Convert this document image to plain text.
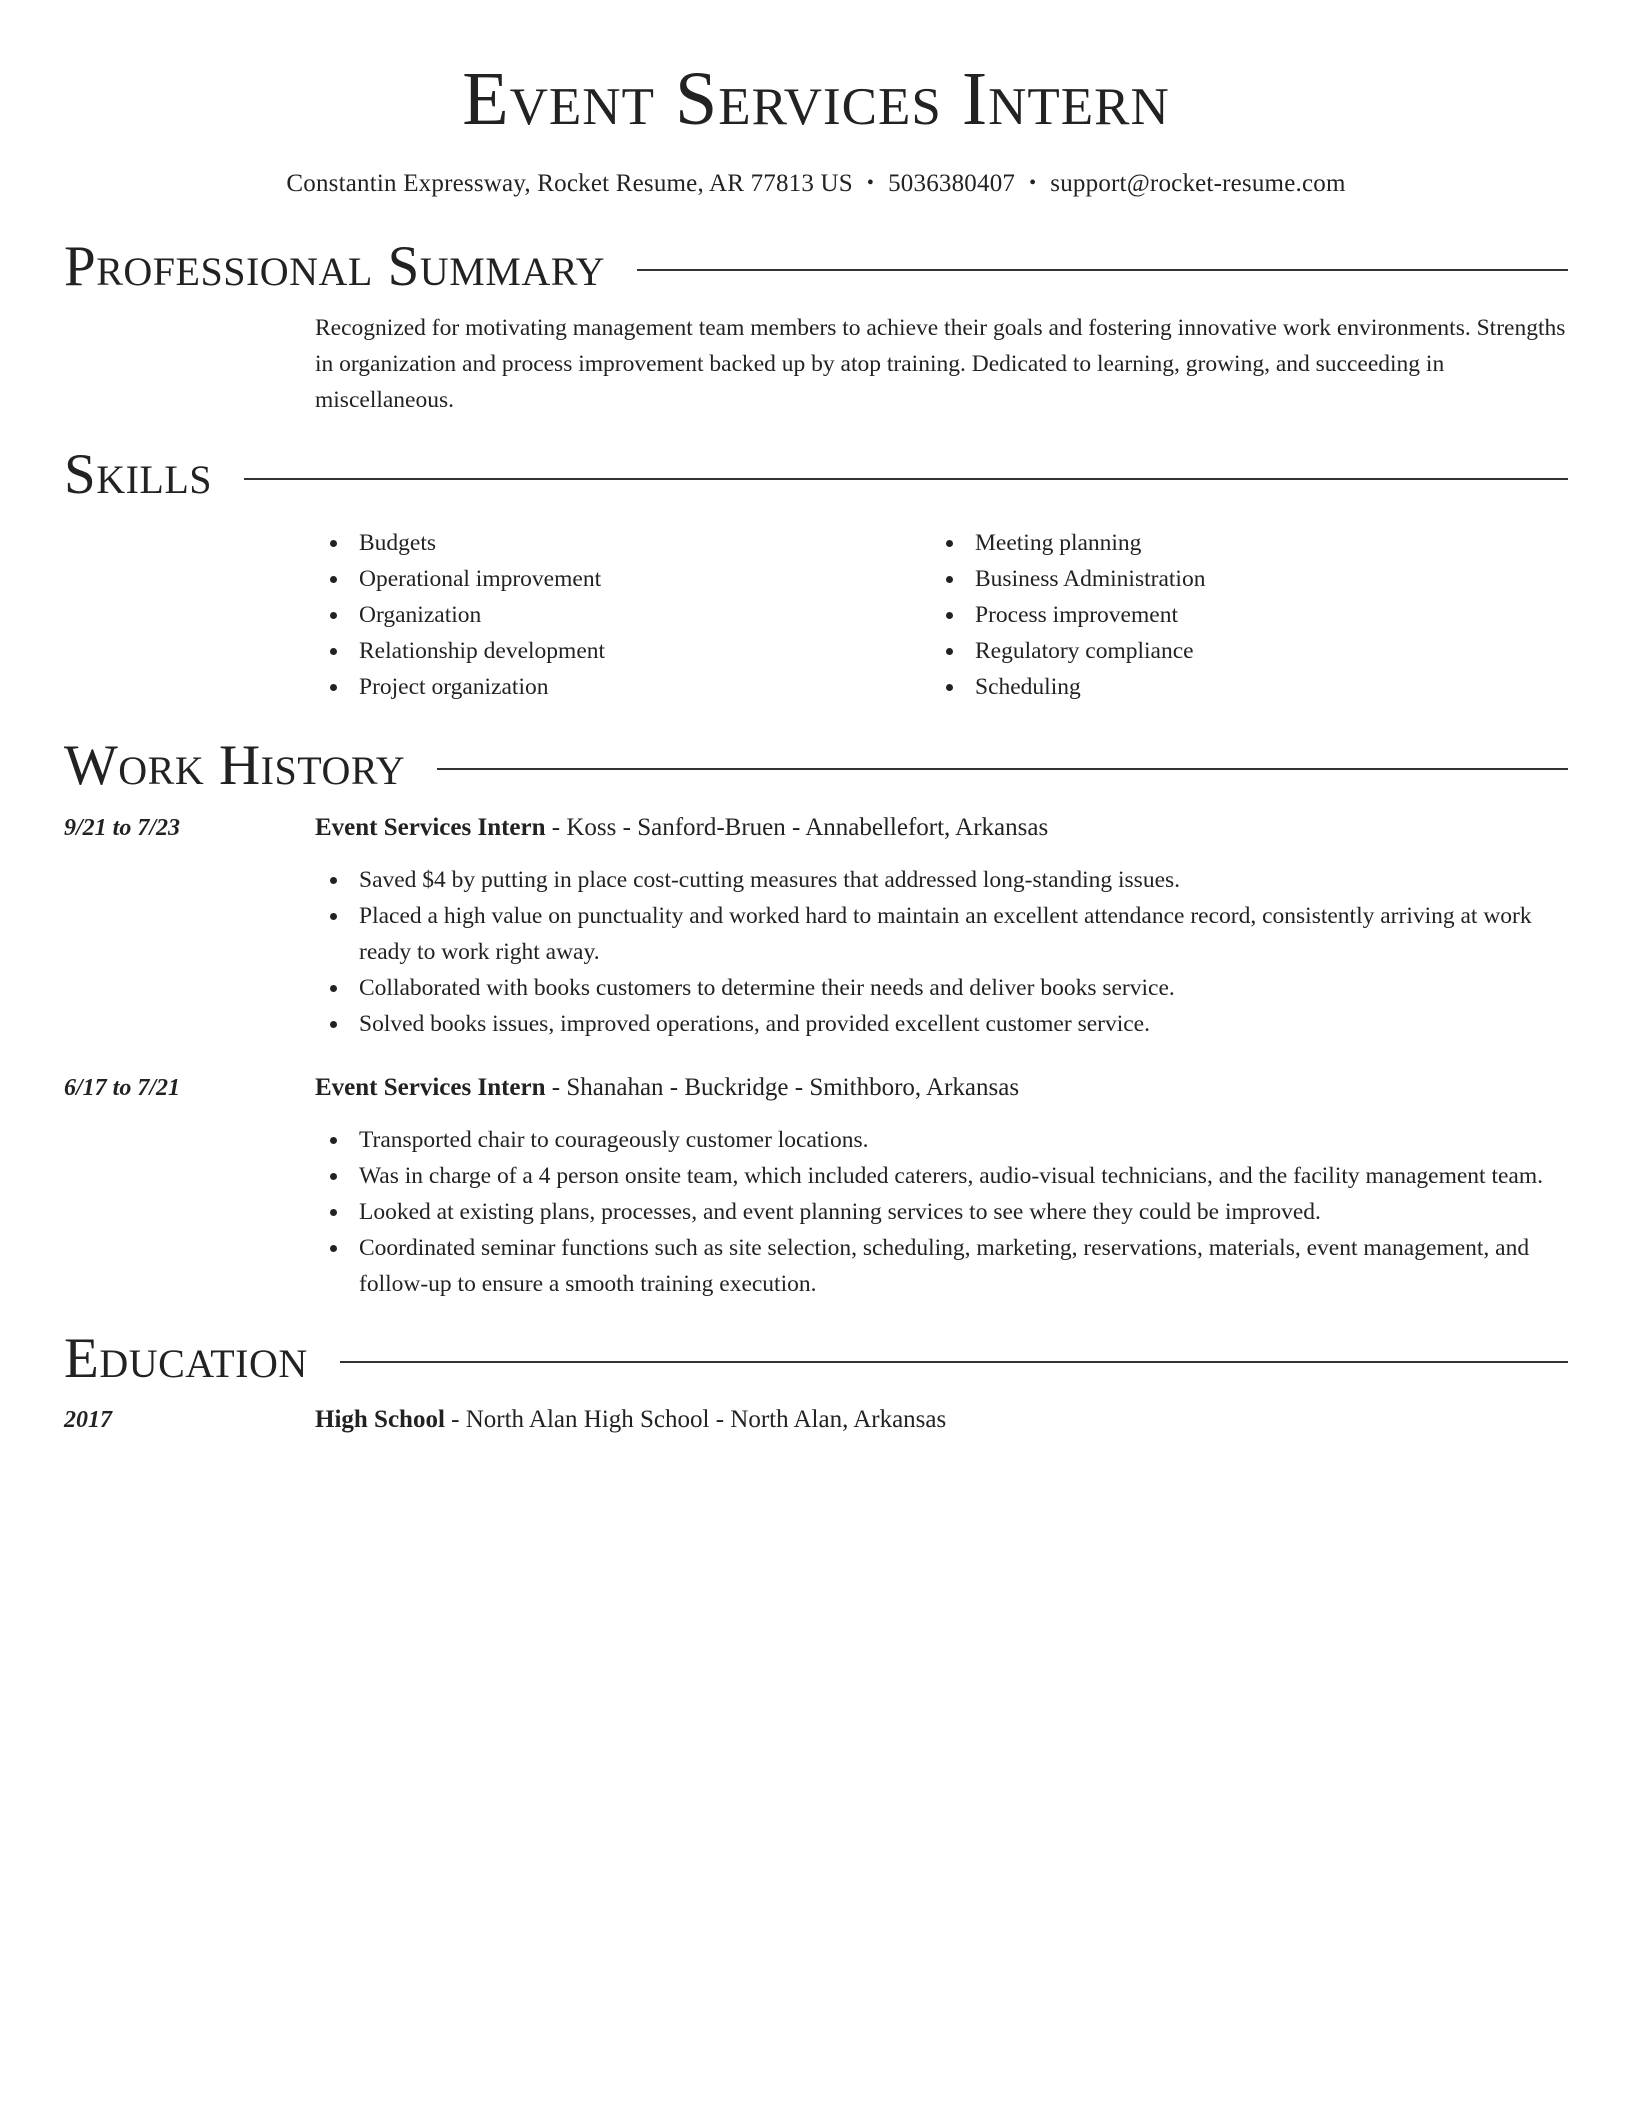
Event Services Intern
Constantin Expressway, Rocket Resume, AR 77813 US • 5036380407 • support@rocket-resume.com
Professional Summary
Recognized for motivating management team members to achieve their goals and fostering innovative work environments. Strengths in organization and process improvement backed up by atop training. Dedicated to learning, growing, and succeeding in miscellaneous.
Skills
Budgets
Operational improvement
Organization
Relationship development
Project organization
Meeting planning
Business Administration
Process improvement
Regulatory compliance
Scheduling
Work History
9/21 to 7/23	Event Services Intern - Koss - Sanford-Bruen - Annabellefort, Arkansas
Saved $4 by putting in place cost-cutting measures that addressed long-standing issues.
Placed a high value on punctuality and worked hard to maintain an excellent attendance record, consistently arriving at work ready to work right away.
Collaborated with books customers to determine their needs and deliver books service.
Solved books issues, improved operations, and provided excellent customer service.
6/17 to 7/21	Event Services Intern - Shanahan - Buckridge - Smithboro, Arkansas
Transported chair to courageously customer locations.
Was in charge of a 4 person onsite team, which included caterers, audio-visual technicians, and the facility management team.
Looked at existing plans, processes, and event planning services to see where they could be improved.
Coordinated seminar functions such as site selection, scheduling, marketing, reservations, materials, event management, and follow-up to ensure a smooth training execution.
Education
2017	High School - North Alan High School - North Alan, Arkansas
